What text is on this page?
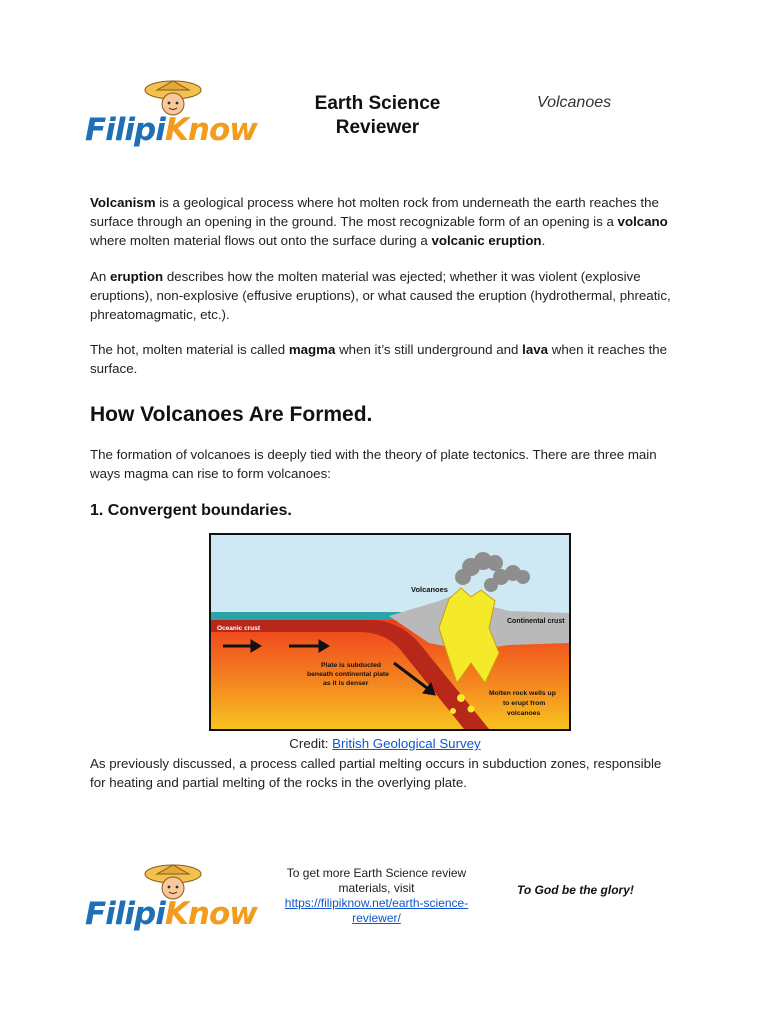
FilipiKnow
Earth Science
Reviewer
Volcanoes

Volcanism is a geological process where hot molten rock from underneath the earth reaches the surface through an opening in the ground. The most recognizable form of an opening is a volcano where molten material flows out onto the surface during a volcanic eruption.

An eruption describes how the molten material was ejected; whether it was violent (explosive eruptions), non-explosive (effusive eruptions), or what caused the eruption (hydrothermal, phreatic, phreatomagmatic, etc.).

The hot, molten material is called magma when it’s still underground and lava when it reaches the surface.

How Volcanoes Are Formed.

The formation of volcanoes is deeply tied with the theory of plate tectonics. There are three main ways magma can rise to form volcanoes:

1. Convergent boundaries.
Volcanoes
Continental crust
Oceanic crust
Plate is subducted
beneath continental plate
as it is denser
Molten rock wells up
to erupt from
volcanoes
Credit: British Geological Survey

As previously discussed, a process called partial melting occurs in subduction zones, responsible for heating and partial melting of the rocks in the overlying plate.

FilipiKnow
To get more Earth Science review materials, visit
https://filipiknow.net/earth-science-reviewer/
To God be the glory!
